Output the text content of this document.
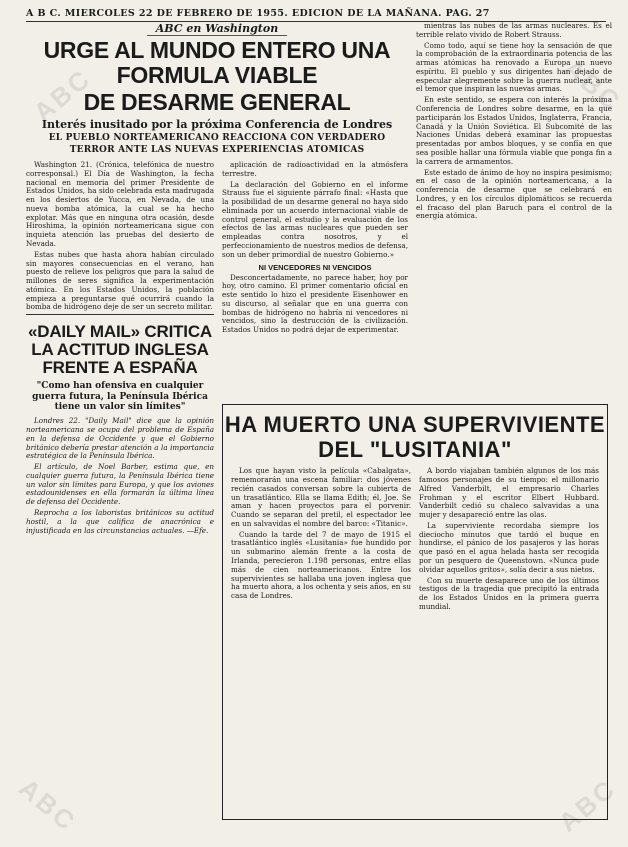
ABC	ABC
ABC	ABC
A B C. MIERCOLES 22 DE FEBRERO DE 1955. EDICION DE LA MAÑANA. PAG. 27
ABC en Washington
URGE AL MUNDO ENTERO UNA FORMULA VIABLE
DE DESARME GENERAL
Interés inusitado por la próxima Conferencia de Londres
EL PUEBLO NORTEAMERICANO REACCIONA CON VERDADERO TERROR ANTE LAS NUEVAS EXPERIENCIAS ATOMICAS

Washington 21. (Crónica, telefónica de nuestro corresponsal.) El Día de Washington, la fecha nacional en memoria del primer Presidente de Estados Unidos, ha sido celebrada esta madrugada en los desiertos de Yucca, en Nevada, de una nueva bomba atómica, la cual se ha hecho explotar. Más que en ninguna otra ocasión, desde Hiroshima, la opinión norteamericana sigue con inquieta atención las pruebas del desierto de Nevada.

Estas nubes que hasta ahora habían circulado sin mayores consecuencias en el verano, han puesto de relieve los peligros que para la salud de millones de seres significa la experimentación atómica. En los Estados Unidos, la población empieza a preguntarse qué ocurrirá cuando la bomba de hidrógeno deje de ser un secreto militar.

«DAILY MAIL» CRITICA LA ACTITUD INGLESA FRENTE A ESPAÑA
"Como han ofensiva en cualquier guerra futura, la Península Ibérica tiene un valor sin límites"

Londres 22. "Daily Mail" dice que la opinión norteamericana se ocupa del problema de España en la defensa de Occidente y que el Gobierno británico debería prestar atención a la importancia estratégica de la Península Ibérica.

El artículo, de Noel Barber, estima que, en cualquier guerra futura, la Península Ibérica tiene un valor sin límites para Europa, y que los aviones estadounidenses en ella formarán la última línea de defensa del Occidente.

Reprocha a los laboristas británicos su actitud hostil, a la que califica de anacrónica e injustificada en las circunstancias actuales. —Efe.

aplicación de radioactividad en la atmósfera terrestre.

La declaración del Gobierno en el informe Strauss fue el siguiente párrafo final: «Hasta que la posibilidad de un desarme general no haya sido eliminada por un acuerdo internacional viable de control general, el estudio y la evaluación de los efectos de las armas nucleares que pueden ser empleadas contra nosotros, y el perfeccionamiento de nuestros medios de defensa, son un deber primordial de nuestro Gobierno.»

NI VENCEDORES NI VENCIDOS

Desconcertadamente, no parece haber, hoy por hoy, otro camino. El primer comentario oficial en este sentido lo hizo el presidente Eisenhower en su discurso, al señalar que en una guerra con bombas de hidrógeno no habría ni vencedores ni vencidos, sino la destrucción de la civilización. Estados Unidos no podrá dejar de experimentar.

mientras las nubes de las armas nucleares. Es el terrible relato vivido de Robert Strauss.

Como todo, aquí se tiene hoy la sensación de que la comprobación de la extraordinaria potencia de las armas atómicas ha renovado a Europa un nuevo espíritu. El pueblo y sus dirigentes han dejado de especular alegremente sobre la guerra nuclear, ante el temor que inspiran las nuevas armas.

En este sentido, se espera con interés la próxima Conferencia de Londres sobre desarme, en la que participarán los Estados Unidos, Inglaterra, Francia, Canadá y la Unión Soviética. El Subcomité de las Naciones Unidas deberá examinar las propuestas presentadas por ambos bloques, y se confía en que sea posible hallar una fórmula viable que ponga fin a la carrera de armamentos.

Este estado de ánimo de hoy no inspira pesimismo; en el caso de la opinión norteamericana, a la conferencia de desarme que se celebrará en Londres, y en los círculos diplomáticos se recuerda el fracaso del plan Baruch para el control de la energía atómica.

HA MUERTO UNA SUPERVIVIENTE
DEL "LUSITANIA"

Los que hayan visto la película «Cabalgata», rememorarán una escena familiar: dos jóvenes recién casados conversan sobre la cubierta de un trasatlántico. Ella se llama Edith; él, Joe. Se aman y hacen proyectos para el porvenir. Cuando se separan del pretil, el espectador lee en un salvavidas el nombre del barco: «Titanic».

Cuando la tarde del 7 de mayo de 1915 el trasatlántico inglés «Lusitania» fue hundido por un submarino alemán frente a la costa de Irlanda, perecieron 1.198 personas, entre ellas más de cien norteamericanos. Entre los supervivientes se hallaba una joven inglesa que ha muerto ahora, a los ochenta y seis años, en su casa de Londres.

A bordo viajaban también algunos de los más famosos personajes de su tiempo: el millonario Alfred Vanderbilt, el empresario Charles Frohman y el escritor Elbert Hubbard. Vanderbilt cedió su chaleco salvavidas a una mujer y desapareció entre las olas.

La superviviente recordaba siempre los dieciocho minutos que tardó el buque en hundirse, el pánico de los pasajeros y las horas que pasó en el agua helada hasta ser recogida por un pesquero de Queenstown. «Nunca pude olvidar aquellos gritos», solía decir a sus nietos.

Con su muerte desaparece uno de los últimos testigos de la tragedia que precipitó la entrada de los Estados Unidos en la primera guerra mundial.
